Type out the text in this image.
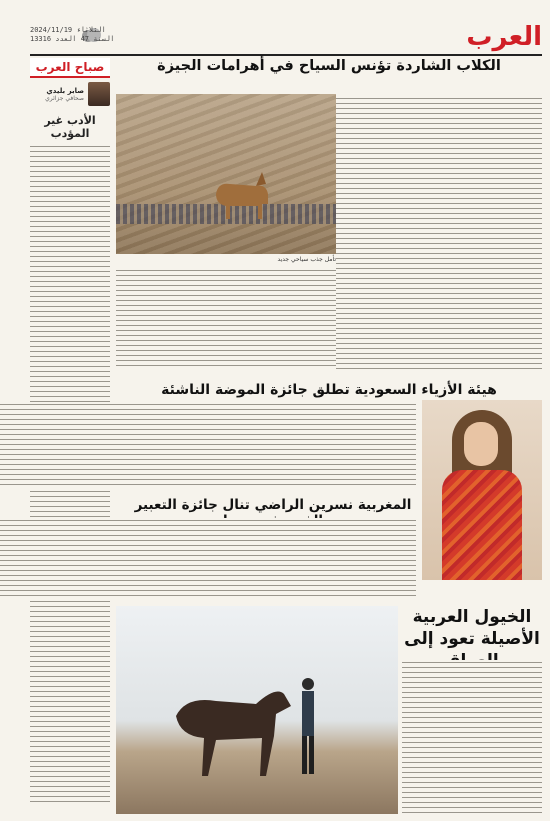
العرب
2024/11/19 الثلاثاء
السنة 47 العدد 13316
صباح العرب
صابر بليدي
صحافي جزائري
الأدب غير المؤدب
الكلاب الشاردة تؤنس السياح في أهرامات الجيزة
تأمل جذب سياحي جديد
هيئة الأزياء السعودية تطلق جائزة الموضة الناشئة
المغربية نسرين الراضي تنال جائزة التعبير
الخيول العربية الأصيلة تعود إلى
